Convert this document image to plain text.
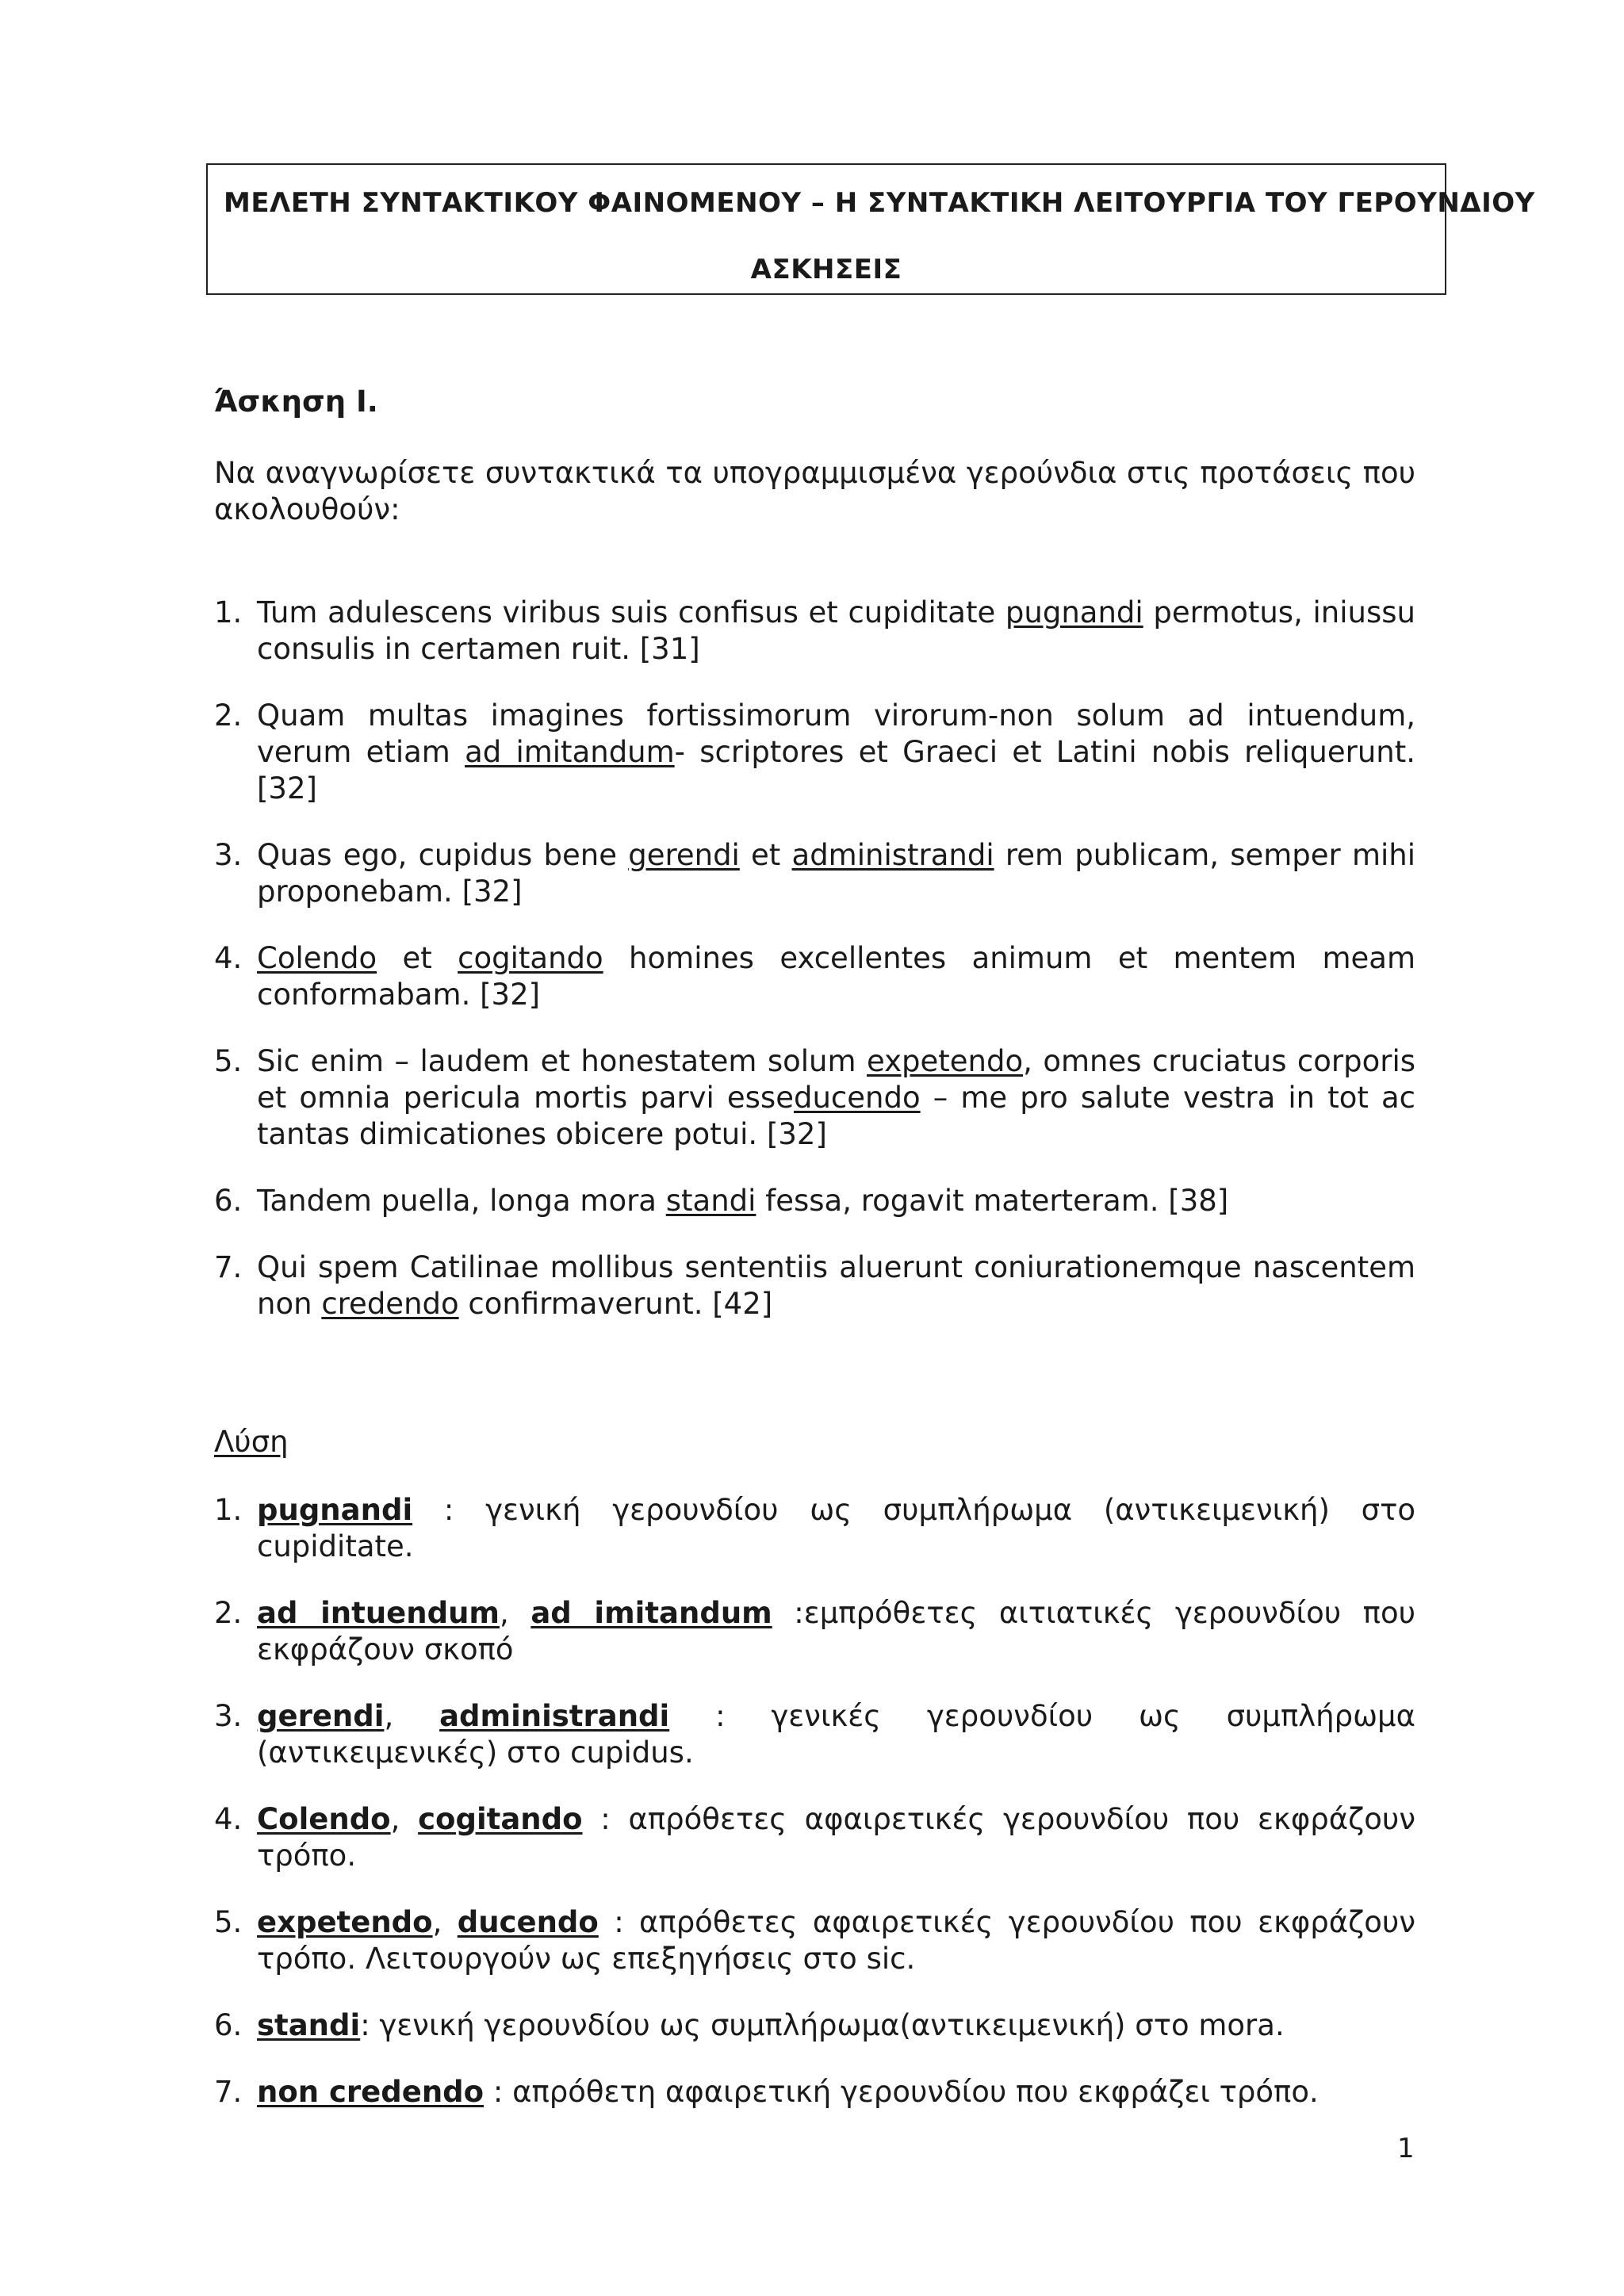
ΜΕΛΕΤΗ ΣΥΝΤΑΚΤΙΚΟΥ ΦΑΙΝΟΜΕΝΟΥ – Η ΣΥΝΤΑΚΤΙΚΗ ΛΕΙΤΟΥΡΓΙΑ ΤΟΥ ΓΕΡΟΥΝΔΙΟΥ
ΑΣΚΗΣΕΙΣ
Άσκηση Ι.
Να αναγνωρίσετε συντακτικά τα υπογραμμισμένα γερούνδια στις προτάσεις που ακολουθούν:
1. Tum adulescens viribus suis confisus et cupiditate pugnandi permotus, iniussu consulis in certamen ruit. [31]
2. Quam multas imagines fortissimorum virorum-non solum ad intuendum, verum etiam ad imitandum- scriptores et Graeci et Latini nobis reliquerunt. [32]
3. Quas ego, cupidus bene gerendi et administrandi rem publicam, semper mihi proponebam. [32]
4. Colendo et cogitando homines excellentes animum et mentem meam conformabam. [32]
5. Sic enim – laudem et honestatem solum expetendo, omnes cruciatus corporis et omnia pericula mortis parvi esseducendo – me pro salute vestra in tot ac tantas dimicationes obicere potui. [32]
6. Tandem puella, longa mora standi fessa, rogavit materteram. [38]
7. Qui spem Catilinae mollibus sententiis aluerunt coniurationemque nascentem non credendo confirmaverunt. [42]
Λύση
1. pugnandi : γενική γερουνδίου ως συμπλήρωμα (αντικειμενική) στο cupiditate.
2. ad intuendum, ad imitandum :εμπρόθετες αιτιατικές γερουνδίου που εκφράζουν σκοπό
3. gerendi, administrandi : γενικές γερουνδίου ως συμπλήρωμα (αντικειμενικές) στο cupidus.
4. Colendo, cogitando : απρόθετες αφαιρετικές γερουνδίου που εκφράζουν τρόπο.
5. expetendo, ducendo : απρόθετες αφαιρετικές γερουνδίου που εκφράζουν τρόπο. Λειτουργούν ως επεξηγήσεις στο sic.
6. standi: γενική γερουνδίου ως συμπλήρωμα(αντικειμενική) στο mora.
7. non credendo : απρόθετη αφαιρετική γερουνδίου που εκφράζει τρόπο.
1
